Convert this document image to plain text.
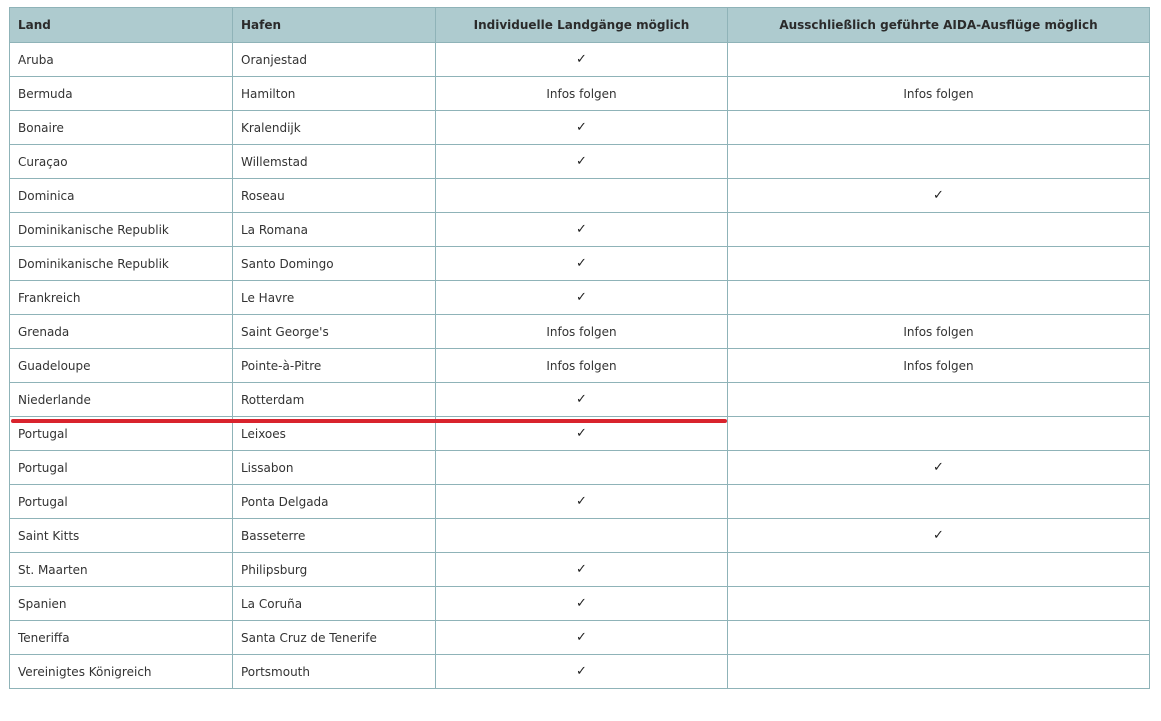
Land	Hafen	Individuelle Landgänge möglich	Ausschließlich geführte AIDA-Ausflüge möglich
Aruba	Oranjestad	✓	
Bermuda	Hamilton	Infos folgen	Infos folgen
Bonaire	Kralendijk	✓	
Curaçao	Willemstad	✓	
Dominica	Roseau		✓
Dominikanische Republik	La Romana	✓	
Dominikanische Republik	Santo Domingo	✓	
Frankreich	Le Havre	✓	
Grenada	Saint George's	Infos folgen	Infos folgen
Guadeloupe	Pointe-à-Pitre	Infos folgen	Infos folgen
Niederlande	Rotterdam	✓	
Portugal	Leixoes	✓	
Portugal	Lissabon		✓
Portugal	Ponta Delgada	✓	
Saint Kitts	Basseterre		✓
St. Maarten	Philipsburg	✓	
Spanien	La Coruña	✓	
Teneriffa	Santa Cruz de Tenerife	✓	
Vereinigtes Königreich	Portsmouth	✓	
